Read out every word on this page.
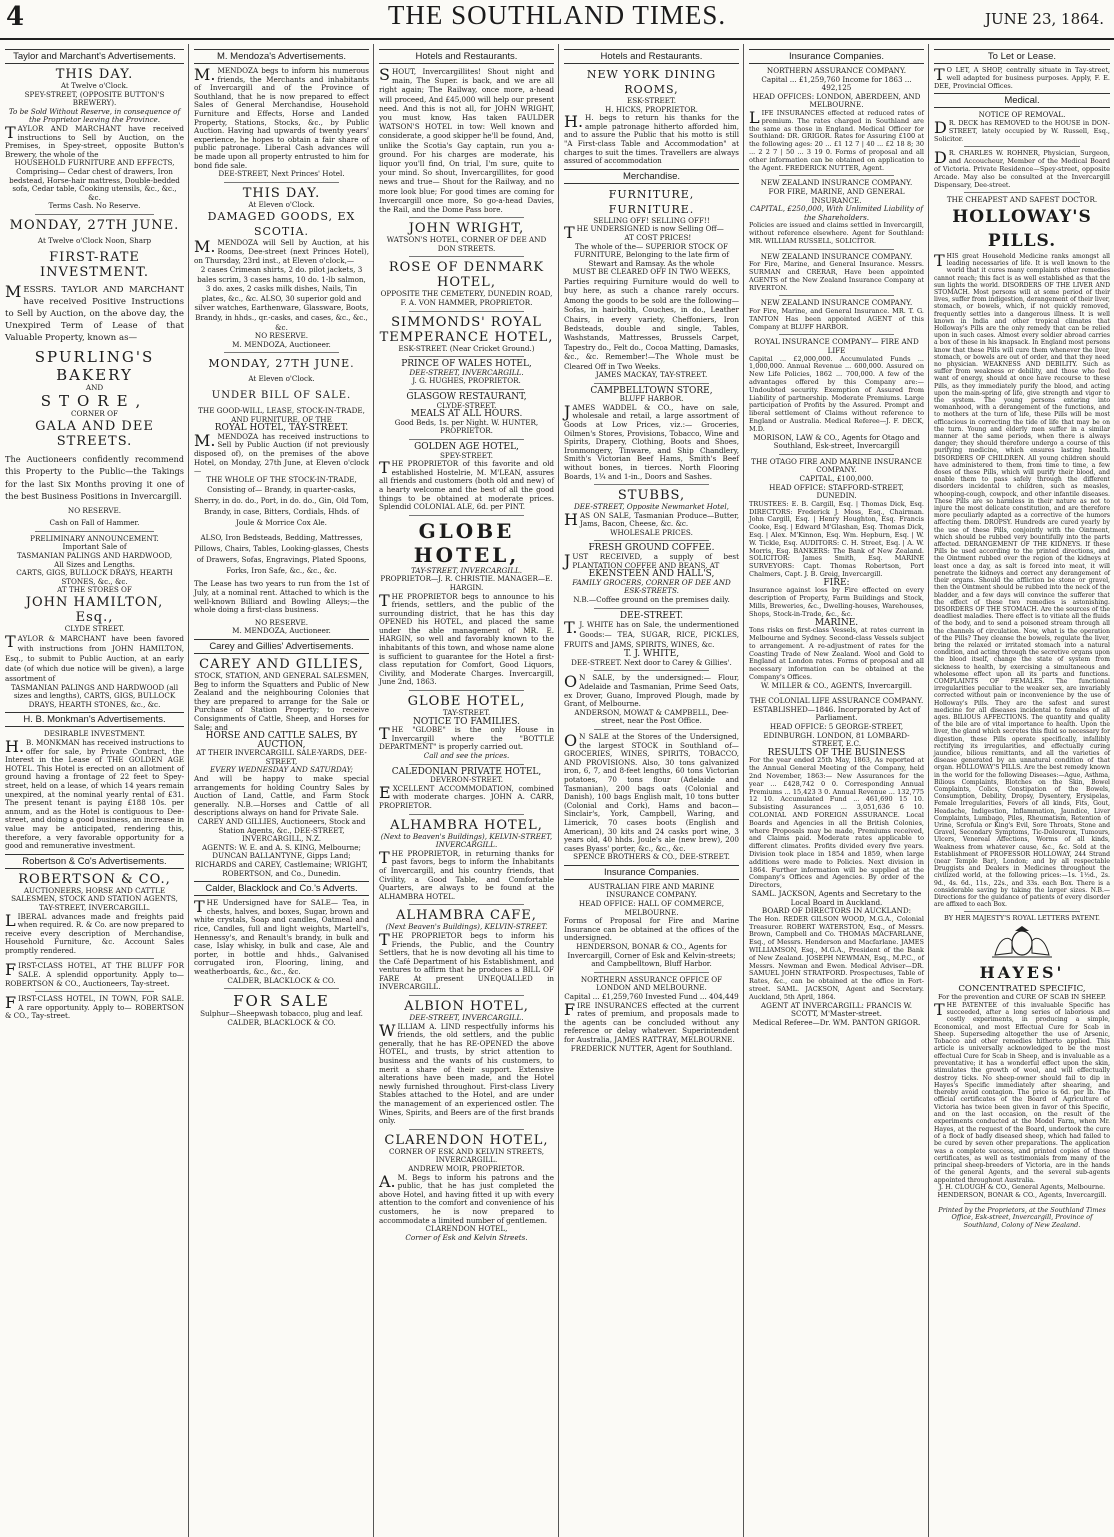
4	THE SOUTHLAND TIMES.	JUNE 23, 1864.
Taylor and Marchant's Advertisements.
THIS DAY.
At Twelve o'Clock.
SPEY-STREET, (OPPOSITE BUTTON'S BREWERY).
To be Sold Without Reserve, in consequence of the Proprietor leaving the Province.
TAYLOR AND MARCHANT have received instructions to Sell by Auction, on the Premises, in Spey-street, opposite Button's Brewery, the whole of the
HOUSEHOLD FURNITURE AND EFFECTS,
Comprising— Cedar chest of drawers, Iron bedstead, Horse-hair mattress, Double-bedded sofa, Cedar table, Cooking utensils, &c., &c., &c.
Terms Cash. No Reserve.
MONDAY, 27TH JUNE.
At Twelve o'Clock Noon, Sharp
FIRST-RATE INVESTMENT.
MESSRS. TAYLOR AND MARCHANT have received Positive Instructions to Sell by Auction, on the above day, the Unexpired Term of Lease of that Valuable Property, known as—
SPURLING'S BAKERY
AND
STORE,
CORNER OF
GALA AND DEE STREETS.
The Auctioneers confidently recommend this Property to the Public—the Takings for the last Six Months proving it one of the best Business Positions in Invercargill.
NO RESERVE.
Cash on Fall of Hammer.
PRELIMINARY ANNOUNCEMENT.
Important Sale of
TASMANIAN PALINGS AND HARDWOOD,
All Sizes and Lengths.
CARTS, GIGS, BULLOCK DRAYS, HEARTH STONES, &c., &c.
AT THE STORES OF
JOHN HAMILTON, Esq.,
CLYDE STREET.
TAYLOR & MARCHANT have been favored with instructions from JOHN HAMILTON, Esq., to submit to Public Auction, at an early date (of which due notice will be given), a large assortment of
TASMANIAN PALINGS AND HARDWOOD (all sizes and lengths), CARTS, GIGS, BULLOCK DRAYS, HEARTH STONES, &c., &c.
H. B. Monkman's Advertisements.
DESIRABLE INVESTMENT.
H.B. MONKMAN has received instructions to offer for sale, by Private Contract, the Interest in the Lease of THE GOLDEN AGE HOTEL. This Hotel is erected on an allotment of ground having a frontage of 22 feet to Spey-street, held on a lease, of which 14 years remain unexpired, at the nominal yearly rental of £31. The present tenant is paying £188 10s. per annum, and as the Hotel is contiguous to Dee-street, and doing a good business, an increase in value may be anticipated, rendering this, therefore, a very favorable opportunity for a good and remunerative investment.
Robertson & Co's Advertisements.
ROBERTSON & CO.,
AUCTIONEERS, HORSE AND CATTLE SALESMEN, STOCK AND STATION AGENTS,
TAY-STREET, INVERCARGILL.
LIBERAL advances made and freights paid when required. R. & Co. are now prepared to receive every description of Merchandise, Household Furniture, &c. Account Sales promptly rendered.
FIRST-CLASS HOTEL, AT THE BLUFF FOR SALE. A splendid opportunity. Apply to— ROBERTSON & CO., Auctioneers, Tay-street.
FIRST-CLASS HOTEL, IN TOWN, FOR SALE. A rare opportunity. Apply to— ROBERTSON & CO., Tay-street.
M. Mendoza's Advertisements.
M.MENDOZA begs to inform his numerous friends, the Merchants and inhabitants of Invercargill and of the Province of Southland, that he is now prepared to effect Sales of General Merchandise, Household Furniture and Effects, Horse and Landed Property, Stations, Stocks, &c., by Public Auction. Having had upwards of twenty years' experience, he hopes to obtain a fair share of public patronage. Liberal Cash advances will be made upon all property entrusted to him for bond fide sale.
DEE-STREET, Next Princes' Hotel.
THIS DAY.
At Eleven o'Clock.
DAMAGED GOODS, EX SCOTIA.
M.MENDOZA will Sell by Auction, at his Rooms, Dee-street (next Princes Hotel), on Thursday, 23rd inst., at Eleven o'clock,—
2 cases Crimean shirts, 2 do. pilot jackets, 3 bales scrim, 3 cases hams, 10 do. 1-lb salmon, 3 do. axes, 2 casks milk dishes, Nails, Tin plates, &c., &c. ALSO, 30 superior gold and silver watches, Earthenware, Glassware, Boots, Brandy, in hhds., qr.-casks, and cases, &c., &c., &c.
NO RESERVE.
M. MENDOZA, Auctioneer.
MONDAY, 27TH JUNE.
At Eleven o'Clock.
UNDER BILL OF SALE.
THE GOOD-WILL, LEASE, STOCK-IN-TRADE, AND FURNITURE, OF THE
ROYAL HOTEL, TAY-STREET.
M.MENDOZA has received instructions to Sell by Public Auction (if not previously disposed of), on the premises of the above Hotel, on Monday, 27th June, at Eleven o'clock—
THE WHOLE OF THE STOCK-IN-TRADE,
Consisting of— Brandy, in quarter-casks, Sherry, in do. do., Port, in do. do., Gin, Old Tom, Brandy, in case, Bitters, Cordials, Hhds. of Joule & Morrice Cox Ale.
ALSO, Iron Bedsteads, Bedding, Mattresses, Pillows, Chairs, Tables, Looking-glasses, Chests of Drawers, Sofas, Engravings, Plated Spoons, Forks, Iron Safe, &c., &c., &c.
The Lease has two years to run from the 1st of July, at a nominal rent. Attached to which is the well-known Billiard and Bowling Alleys;—the whole doing a first-class business.
NO RESERVE.
M. MENDOZA, Auctioneer.
Carey and Gillies' Advertisements.
CAREY AND GILLIES,
STOCK, STATION, AND GENERAL SALESMEN,
Beg to inform the Squatters and Public of New Zealand and the neighbouring Colonies that they are prepared to arrange for the Sale or Purchase of Station Property; to receive Consignments of Cattle, Sheep, and Horses for Sale; and
HORSE AND CATTLE SALES, BY AUCTION,
AT THEIR INVERCARGILL SALE-YARDS, DEE-STREET,
EVERY WEDNESDAY AND SATURDAY;
And will be happy to make special arrangements for holding Country Sales by Auction of Land, Cattle, and Farm Stock generally. N.B.—Horses and Cattle of all descriptions always on hand for Private Sale.
CAREY AND GILLIES, Auctioneers, Stock and Station Agents, &c., DEE-STREET, INVERCARGILL, N.Z.
AGENTS: W. E. and A. S. KING, Melbourne; DUNCAN BALLANTYNE, Gipps Land; RICHARDS and CAREY, Castlemaine; WRIGHT, ROBERTSON, and Co., Dunedin.
Calder, Blacklock and Co.'s Adverts.
THE Undersigned have for SALE— Tea, in chests, halves, and boxes, Sugar, brown and white crystals, Soap and candles, Oatmeal and rice, Candles, full and light weights, Martell's, Hennessy's, and Renault's brandy, in bulk and case, Islay whisky, in bulk and case, Ale and porter, in bottle and hhds., Galvanised corrugated iron, Flooring, lining, and weatherboards, &c., &c., &c.
CALDER, BLACKLOCK & CO.
FOR SALE
Sulphur—Sheepwash tobacco, plug and leaf.
CALDER, BLACKLOCK & CO.
Hotels and Restaurants.
SHOUT, Invercargillites! Shout night and main, The Super. is back, and we are all right again; The Railway, once more, a-head will proceed, And £45,000 will help our present need. And this is not all, for JOHN WRIGHT, you must know, Has taken FAULDER WATSON'S HOTEL in tow: Well known and considerate, a good skipper he'll be found, And, unlike the Scotia's Gay captain, run you a-ground. For his charges are moderate, his liquor you'll find, On trial, I'm sure, quite to your mind. So shout, Invercargillites, for good news and true— Shout for the Railway, and no more look blue; For good times are coming for Invercargill once more, So go-a-head Davies, the Rail, and the Dome Pass bore.
JOHN WRIGHT,
WATSON'S HOTEL, CORNER OF DEE AND DON STREETS.
ROSE OF DENMARK HOTEL,
OPPOSITE THE CEMETERY, DUNEDIN ROAD,
F. A. VON HAMMER, PROPRIETOR.
SIMMONDS' ROYAL TEMPERANCE HOTEL,
ESK-STREET. (Near Cricket Ground.)
PRINCE OF WALES HOTEL,
DEE-STREET, INVERCARGILL.
J. G. HUGHES, PROPRIETOR.
GLASGOW RESTAURANT,
CLYDE-STREET.
MEALS AT ALL HOURS.
Good Beds, 1s. per Night. W. HUNTER, PROPRIETOR.
GOLDEN AGE HOTEL,
SPEY-STREET.
THE PROPRIETOR of this favorite and old established Hostelrie, M. M'LEAN, assures all friends and customers (both old and new) of a hearty welcome and the best of all the good things to be obtained at moderate prices. Splendid COLONIAL ALE, 6d. per PINT.
GLOBE HOTEL,
TAY-STREET, INVERCARGILL.
PROPRIETOR—J. R. CHRISTIE. MANAGER—E. HARGIN.
THE PROPRIETOR begs to announce to his friends, settlers, and the public of the surrounding district, that he has this day OPENED his HOTEL, and placed the same under the able management of MR. E. HARGIN, so well and favorably known to the inhabitants of this town, and whose name alone is sufficient to guarantee for the Hotel a first-class reputation for Comfort, Good Liquors, Civility, and Moderate Charges. Invercargill, June 2nd, 1863.
GLOBE HOTEL,
TAY-STREET.
NOTICE TO FAMILIES.
THE "GLOBE" is the only House in Invercargill where the "BOTTLE DEPARTMENT" is properly carried out.
Call and see the prices.
CALEDONIAN PRIVATE HOTEL,
DEVERON-STREET.
EXCELLENT ACCOMMODATION, combined with moderate charges. JOHN A. CARR, PROPRIETOR.
ALHAMBRA HOTEL,
(Next to Beaven's Buildings), KELVIN-STREET, INVERCARGILL.
THE PROPRIETOR, in returning thanks for past favors, begs to inform the Inhabitants of Invercargill, and his country friends, that Civility, a Good Table, and Comfortable Quarters, are always to be found at the ALHAMBRA HOTEL.
ALHAMBRA CAFE,
(Next Beaven's Buildings), KELVIN-STREET.
THE PROPRIETOR begs to inform his Friends, the Public, and the Country Settlers, that he is now devoting all his time to the Café Department of his Establishment, and ventures to affirm that he produces a BILL OF FARE At present UNEQUALLED in INVERCARGILL.
ALBION HOTEL,
DEE-STREET, INVERCARGILL.
WILLIAM A. LIND respectfully informs his friends, the old settlers, and the public generally, that he has RE-OPENED the above HOTEL, and trusts, by strict attention to business and the wants of his customers, to merit a share of their support. Extensive alterations have been made, and the Hotel newly furnished throughout. First-class Livery Stables attached to the Hotel, and are under the management of an experienced ostler. The Wines, Spirits, and Beers are of the first brands only.
CLARENDON HOTEL,
CORNER OF ESK AND KELVIN STREETS, INVERCARGILL.
ANDREW MOIR, PROPRIETOR.
A.M. Begs to inform his patrons and the public, that he has just completed the above Hotel, and having fitted it up with every attention to the comfort and convenience of his customers, he is now prepared to accommodate a limited number of gentlemen.
CLARENDON HOTEL,
Corner of Esk and Kelvin Streets.
Hotels and Restaurants.
NEW YORK DINING ROOMS,
ESK-STREET.
H. HICKS, PROPRIETOR.
H.H. begs to return his thanks for the ample patronage hitherto afforded him, and to assure the Public that his motto is still "A First-class Table and Accommodation" at charges to suit the times. Travellers are always assured of accommodation
Merchandise.
FURNITURE, FURNITURE.
SELLING OFF! SELLING OFF!!
THE UNDERSIGNED is now Selling Off—
AT COST PRICES!
The whole of the— SUPERIOR STOCK OF FURNITURE, Belonging to the late firm of Stewart and Ramsay. As the whole
MUST BE CLEARED OFF IN TWO WEEKS,
Parties requiring Furniture would do well to buy here, as such a chance rarely occurs. Among the goods to be sold are the following— Sofas, in hairbolth, Couches, in do., Leather Chairs, in every variety, Cheffoniers, Iron Bedsteads, double and single, Tables, Washstands, Mattresses, Brussels Carpet, Tapestry do., Felt do., Cocoa Matting, Damasks, &c., &c. Remember!—The Whole must be Cleared Off in Two Weeks.
JAMES MACKAY, TAY-STREET.
CAMPBELLTOWN STORE,
BLUFF HARBOR.
JAMES WADDEL & CO., have on sale, wholesale and retail, a large assortment of Goods at Low Prices, viz.:— Groceries, Oilmen's Stores, Provisions, Tobacco, Wine and Spirits, Drapery, Clothing, Boots and Shoes, Ironmongery, Tinware, and Ship Chandlery, Smith's Victorian Beef Hams, Smith's Beef without bones, in tierces. North Flooring Boards, 1¼ and 1-in., Doors and Sashes.
STUBBS,
DEE-STREET, Opposite Newmarket Hotel,
HAS ON SALE, Tasmanian Produce—Butter, Jams, Bacon, Cheese, &c. &c.
WHOLESALE PRICES.
FRESH GROUND COFFEE.
JUST RECEIVED, a supply of best PLANTATION COFFEE AND BEANS, AT
EKENSTEEN AND HALL'S,
FAMILY GROCERS, CORNER OF DEE AND ESK-STREETS.
N.B.—Coffee ground on the premises daily.
DEE-STREET.
T.J. WHITE has on Sale, the undermentioned Goods:— TEA, SUGAR, RICE, PICKLES, FRUITS and JAMS, SPIRITS, WINES, &c.
T. J. WHITE,
DEE-STREET. Next door to Carey & Gillies'.
ON SALE, by the undersigned:— Flour, Adelaide and Tasmanian, Prime Seed Oats, ex Drover, Guano, Improved Plough, made by Grant, of Melbourne.
ANDERSON, MOWAT & CAMPBELL, Dee-street, near the Post Office.
ON SALE at the Stores of the Undersigned, the largest STOCK in Southland of— GROCERIES, WINES, SPIRITS, TOBACCO, AND PROVISIONS. Also, 30 tons galvanized iron, 6, 7, and 8-feet lengths, 60 tons Victorian potatoes, 70 tons flour (Adelaide and Tasmanian), 200 bags oats (Colonial and Danish), 100 bags English malt, 10 tons butter (Colonial and Cork), Hams and bacon—Sinclair's, York, Campbell, Waring, and Limerick, 70 cases boots (English and American), 30 kits and 24 casks port wine, 3 years old, 40 hhds. Joule's ale (new brew), 200 cases Byass' porter, &c., &c., &c.
SPENCE BROTHERS & CO., DEE-STREET.
Insurance Companies.
AUSTRALIAN FIRE AND MARINE INSURANCE COMPANY.
HEAD OFFICE: HALL OF COMMERCE, MELBOURNE.
Forms of Proposal for Fire and Marine Insurance can be obtained at the offices of the undersigned.
HENDERSON, BONAR & CO., Agents for Invercargill, Corner of Esk and Kelvin-streets; and Campbelltown, Bluff Harbor.
NORTHERN ASSURANCE OFFICE OF LONDON AND MELBOURNE.
Capital ... £1,259,760 Invested Fund ... 404,449
FIRE INSURANCES effected at the current rates of premium, and proposals made to the agents can be concluded without any reference or delay whatever. Superintendent for Australia, JAMES RATTRAY, MELBOURNE.
FREDERICK NUTTER, Agent for Southland.
Insurance Companies.
NORTHERN ASSURANCE COMPANY.
Capital ... £1,259,760 Income for 1863 ... 492,125
HEAD OFFICES: LONDON, ABERDEEN, AND MELBOURNE.
LIFE INSURANCES effected at reduced rates of premium. The rates charged in Southland are the same as those in England. Medical Officer for Southland: DR. GRIGOR. Rates for Assuring £100 at the following ages: 20 ... £1 12 7 | 40 ... £2 18 8; 30 ... 2 2 7 | 50 ... 3 19 0. Forms of proposal and all other information can be obtained on application to the Agent. FREDERICK NUTTER, Agent.
NEW ZEALAND INSURANCE COMPANY.
FOR FIRE, MARINE, AND GENERAL INSURANCE.
CAPITAL, £250,000, With Unlimited Liability of the Shareholders.
Policies are issued and claims settled in Invercargill, without reference elsewhere. Agent for Southland: MR. WILLIAM RUSSELL, SOLICITOR.
NEW ZEALAND INSURANCE COMPANY.
For Fire, Marine, and General Insurance. Messrs. SURMAN and CRERAR, Have been appointed AGENTS of the New Zealand Insurance Company at RIVERTON.
NEW ZEALAND INSURANCE COMPANY.
For Fire, Marine, and General Insurance. MR. T. G. TANTON Has been appointed AGENT of this Company at BLUFF HARBOR.
ROYAL INSURANCE COMPANY— FIRE AND LIFE
Capital ... £2,000,000. Accumulated Funds ... 1,000,000. Annual Revenue ... 600,000. Assured on New Life Policies, 1862 ... 700,000. A few of the advantages offered by this Company are:— Undoubted security. Exemption of Assured from Liability of partnership. Moderate Premiums. Large participation of Profits by the Assured. Prompt and liberal settlement of Claims without reference to England or Australia. Medical Referee—J. F. DECK, M.D.
MORISON, LAW & CO., Agents for Otago and Southland, Esk-street, Invercargill
THE OTAGO FIRE AND MARINE INSURANCE COMPANY.
CAPITAL, £100,000.
HEAD OFFICE: STAFFORD-STREET, DUNEDIN.
TRUSTEES: E. B. Cargill, Esq. | Thomas Dick, Esq. DIRECTORS: Frederick J. Moss, Esq., Chairman. John Cargill, Esq. | Henry Houghton, Esq. Francis Cooke, Esq. | Edward M'Glashan, Esq. Thomas Dick, Esq. | Alex. M'Kinnon, Esq. Wm. Hepburn, Esq. | W. W. Tickle, Esq. AUDITORS: C. H. Street, Esq. | A. W. Morris, Esq. BANKERS: The Bank of New Zealand. SOLICITOR: James Smith, Esq. MARINE SURVEYORS: Capt. Thomas Robertson, Port Chalmers, Capt. J. B. Greig, Invercargill.
FIRE:
Insurance against loss by Fire effected on every description of Property, Farm Buildings and Stock, Mills, Breweries, &c., Dwelling-houses, Warehouses, Shops, Stock-in-Trade, &c., &c.
MARINE.
Tons risks on first-class Vessels, at rates current in Melbourne and Sydney. Second-class Vessels subject to arrangement. A re-adjustment of rates for the Coasting Trade of New Zealand. Wool and Gold to England at London rates. Forms of proposal and all necessary information can be obtained at the Company's Offices.
W. MILLER & CO., AGENTS, Invercargill.
THE COLONIAL LIFE ASSURANCE COMPANY.
ESTABLISHED—1846. Incorporated by Act of Parliament.
HEAD OFFICE: 5 GEORGE-STREET, EDINBURGH. LONDON, 81 LOMBARD-STREET, E.C.
RESULTS OF THE BUSINESS
For the year ended 25th May, 1863, As reported at the Annual General Meeting of the Company, held 2nd November, 1863:— New Assurances for the year ... £428,742 0 0. Corresponding Annual Premiums ... 15,423 3 0. Annual Revenue ... 132,775 12 10. Accumulated Fund ... 461,690 15 10. Subsisting Assurances ... 3,051,636 6 10. COLONIAL AND FOREIGN ASSURANCE. Local Boards and Agencies in all the British Colonies, where Proposals may be made, Premiums received, and Claims paid. Moderate rates applicable to different climates. Profits divided every five years. Division took place in 1854 and 1859, when large additions were made to Policies. Next division in 1864. Further information will be supplied at the Company's Offices and Agencies. By order of the Directors,
SAML. JACKSON, Agents and Secretary to the Local Board in Auckland.
BOARD OF DIRECTORS IN AUCKLAND:
The Hon. REDER GILSON WOOD, M.G.A., Colonial Treasurer. ROBERT WATERSTON, Esq., of Messrs. Brown, Campbell and Co. THOMAS MACFARLANE, Esq., of Messrs. Henderson and Macfarlane. JAMES WILLIAMSON, Esq., M.G.A., President of the Bank of New Zealand. JOSEPH NEWMAN, Esq., M.P.C., of Messrs. Newman and Ewen. Medical Adviser—DR. SAMUEL JOHN STRATFORD. Prospectuses, Table of Rates, &c., can be obtained at the office in Fort-street. SAML. JACKSON, Agent and Secretary. Auckland, 5th April, 1864.
AGENT AT INVERCARGILL: FRANCIS W. SCOTT, M'Master-street.
Medical Referee—Dr. WM. PANTON GRIGOR.
To Let or Lease.
TO LET, A SHOP, centrally situate in Tay-street, well adapted for business purposes. Apply, F. E. DEE, Provincial Offices.
Medical.
NOTICE OF REMOVAL.
DR. DECK has REMOVED to the HOUSE in DON-STREET, lately occupied by W. Russell, Esq., Solicitor.
DR. CHARLES W. ROHNER, Physician, Surgeon, and Accoucheur, Member of the Medical Board of Victoria. Private Residence—Spey-street, opposite Arcade. May also be consulted at the Invercargill Dispensary, Dee-street.
THE CHEAPEST AND SAFEST DOCTOR.
HOLLOWAY'S PILLS.
THIS great Household Medicine ranks amongst all leading necessaries of life. It is well known to the world that it cures many complaints other remedies cannot reach; this fact is as well established as that the sun lights the world. DISORDERS OF THE LIVER AND STOMACH. Most persons will at some period of their lives, suffer from indigestion, derangement of their liver, stomach, or bowels, which, if not quickly removed, frequently settles into a dangerous illness. It is well known in India and other tropical climates that Holloway's Pills are the only remedy that can be relied upon in such cases. Almost every soldier abroad carries a box of these in his knapsack. In England most persons know that these Pills will cure them whenever the liver, stomach, or bowels are out of order, and that they need no physician. WEAKNESS AND DEBILITY. Such as suffer from weakness or debility, and those who feel want of energy, should at once have recourse to these Pills, as they immediately purify the blood, and acting upon the main-spring of life, give strength and vigor to the system. The young persons entering into womanhood, with a derangement of the functions, and to mothers at the turn of life, these Pills will be most efficacious in correcting the tide of life that may be on the turn. Young and elderly men suffer in a similar manner at the same periods, when there is always danger; they should therefore undergo a course of this purifying medicine, which ensures lasting health. DISORDERS OF CHILDREN. All young children should have administered to them, from time to time, a few doses of these Pills, which will purify their blood, and enable them to pass safely through the different disorders incidental to children, such as measles, whooping-cough, cowpock, and other infantile diseases. These Pills are so harmless in their nature as not to injure the most delicate constitution, and are therefore more peculiarly adapted as a corrective of the humors affecting them. DROPSY. Hundreds are cured yearly by the use of these Pills, conjointly with the Ointment, which should be rubbed very bountifully into the parts affected. DERANGEMENT OF THE KIDNEYS. If these Pills be used according to the printed directions, and the Ointment rubbed over the region of the kidneys at least once a day, as salt is forced into meat, it will penetrate the kidneys and correct any derangement of their organs. Should the affliction be stone or gravel, then the Ointment should be rubbed into the neck of the bladder, and a few days will convince the sufferer that the effect of these two remedies is astonishing. DISORDERS OF THE STOMACH. Are the sources of the deadliest maladies. There effect is to vitiate all the fluids of the body, and to send a poisoned stream through all the channels of circulation. Now, what is the operation of the Pills? They cleanse the bowels, regulate the liver, bring the relaxed or irritated stomach into a natural condition, and acting through the secretive organs upon the blood itself, change the state of system from sickness to health, by exercising a simultaneous and wholesome effect upon all its parts and functions. COMPLAINTS OF FEMALES. The functional irregularities peculiar to the weaker sex, are invariably corrected without pain or inconvenience by the use of Holloway's Pills. They are the safest and surest medicine for all diseases incidental to females of all ages. BILIOUS AFFECTIONS. The quantity and quality of the bile are of vital importance to health. Upon the liver, the gland which secretes this fluid so necessary for digestion, these Pills operate specifically, infallibly rectifying its irregularities, and effectually curing jaundice, bilious remittants, and all the varieties of disease generated by an unnatural condition of that organ. HOLLOWAY'S PILLS. Are the best remedy known in the world for the following Diseases:—Ague, Asthma, Bilious Complaints, Blotches on the Skin, Bowel Complaints, Colics, Constipation of the Bowels, Consumption, Debility, Dropsy, Dysentery, Erysipelas, Female Irregularities, Fevers of all kinds, Fits, Gout, Headache, Indigestion, Inflammation, Jaundice, Liver Complaints, Lumbago, Piles, Rheumatism, Retention of Urine, Scrofula or King's Evil, Sore Throats, Stone and Gravel, Secondary Symptoms, Tic-Doloureux, Tumours, Ulcers, Venereal Affections, Worms of all kinds, Weakness from whatever cause, &c., &c. Sold at the Establishment of PROFESSOR HOLLOWAY, 244 Strand (near Temple Bar), London; and by all respectable Druggists and Dealers in Medicines throughout the civilized world, at the following prices:—1s. 1½d., 2s. 9d., 4s. 6d., 11s., 22s., and 33s. each Box. There is a considerable saving by taking the larger sizes. N.B.—Directions for the guidance of patients of every disorder are affixed to each Box.
BY HER MAJESTY'S ROYAL LETTERS PATENT.
HAYES'
CONCENTRATED SPECIFIC,
For the prevention and CURE OF SCAB IN SHEEP.
THE PATENTEE of this invaluable Specific has succeeded, after a long series of laborious and costly experiments, in producing a simple, Economical, and most Effectual Cure for Scab in Sheep. Superseding altogether the use of Arsenic, Tobacco and other remedies hitherto applied. This article is universally acknowledged to be the most effectual Cure for Scab in Sheep, and is invaluable as a preventative; it has a wonderful effect upon the skin, stimulates the growth of wool, and will effectually destroy ticks. No sheep-owner should fail to dip in Hayes's Specific immediately after shearing, and thereby avoid contagion. The price is 6d. per lb. The official certificates of the Board of Agriculture of Victoria has twice been given in favor of this Specific, and on the last occasion, on the result of the experiments conducted at the Model Farm, when Mr. Hayes, at the request of the Board, undertook the cure of a flock of badly diseased sheep, which had failed to be cured by seven other preparations. The application was a complete success, and printed copies of those certificates, as well as testimonials from many of the principal sheep-breeders of Victoria, are in the hands of the general Agents, and the several sub-agents appointed throughout Australia.
J. H. CLOUGH & CO., General Agents, Melbourne.
HENDERSON, BONAR & CO., Agents, Invercargill.
Printed by the Proprietors, at the Southland Times Office, Esk-street, Invercargill, Province of Southland, Colony of New Zealand.
